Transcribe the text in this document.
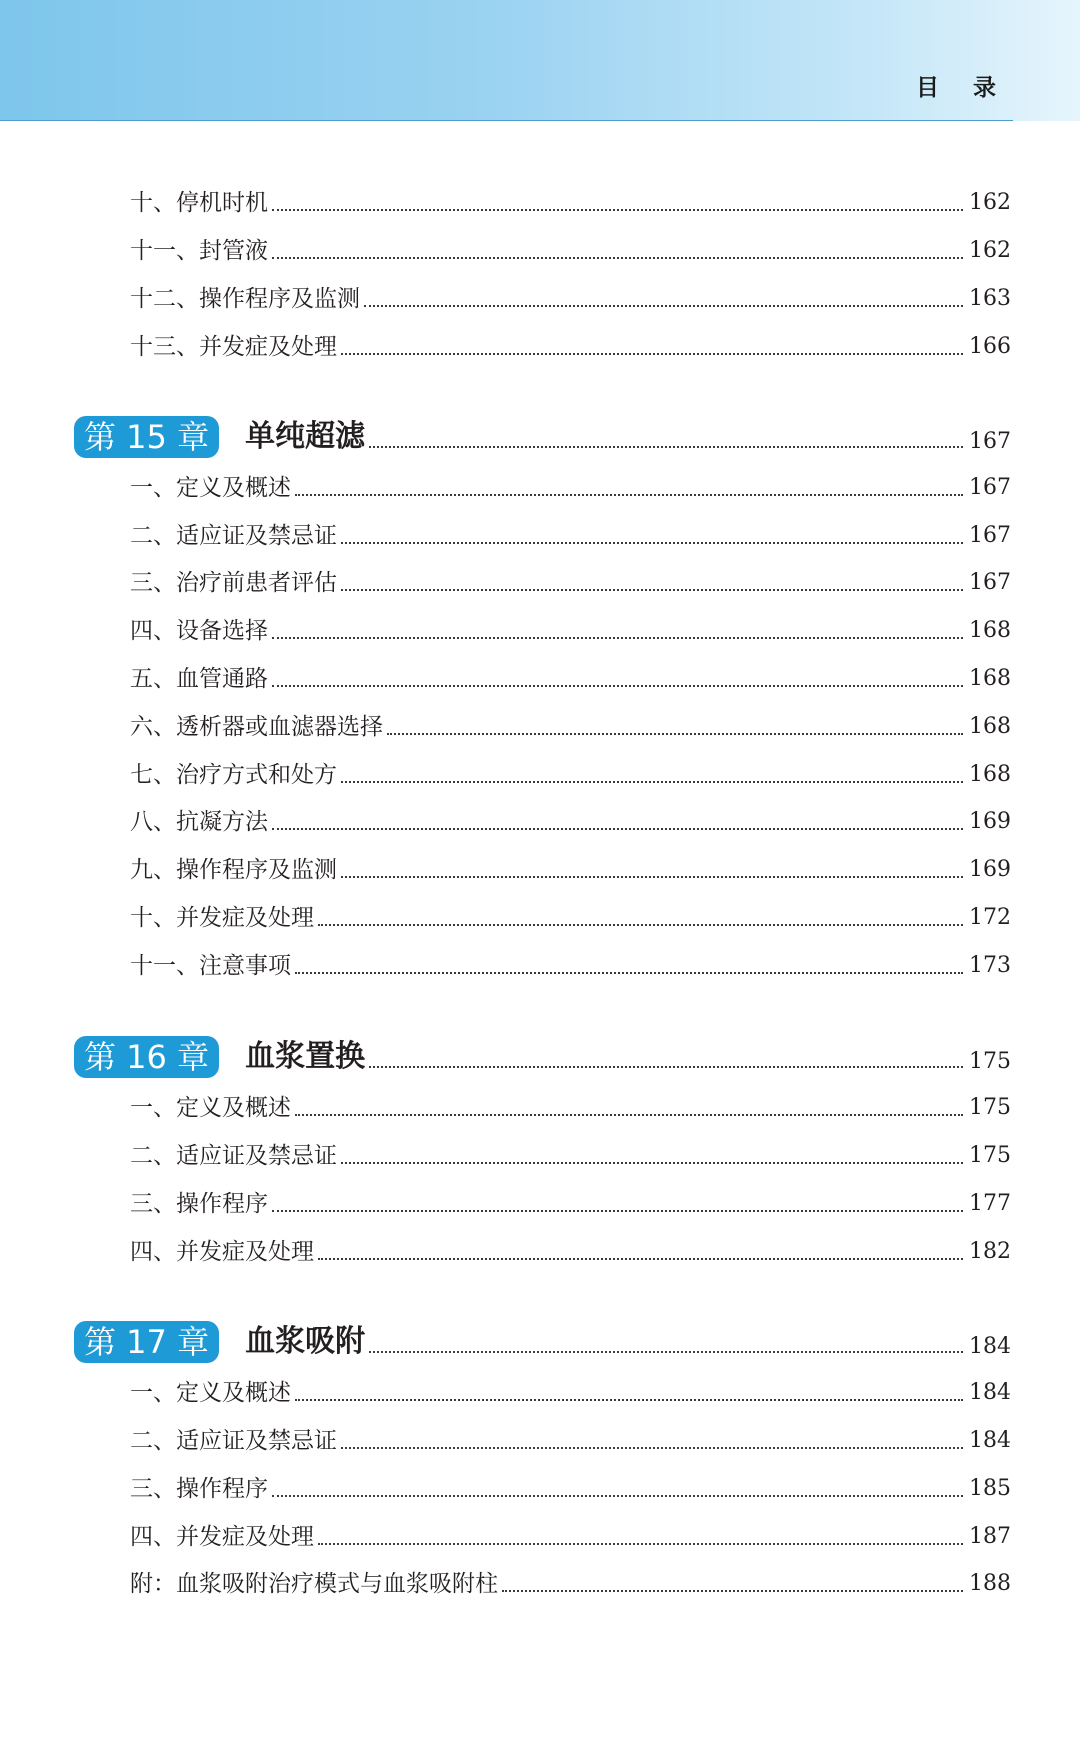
目录
十、停机时机	162
十一、封管液	162
十二、操作程序及监测	163
十三、并发症及处理	166
第 15 章	单纯超滤	167
一、定义及概述	167
二、适应证及禁忌证	167
三、治疗前患者评估	167
四、设备选择	168
五、血管通路	168
六、透析器或血滤器选择	168
七、治疗方式和处方	168
八、抗凝方法	169
九、操作程序及监测	169
十、并发症及处理	172
十一、注意事项	173
第 16 章	血浆置换	175
一、定义及概述	175
二、适应证及禁忌证	175
三、操作程序	177
四、并发症及处理	182
第 17 章	血浆吸附	184
一、定义及概述	184
二、适应证及禁忌证	184
三、操作程序	185
四、并发症及处理	187
附：血浆吸附治疗模式与血浆吸附柱	188
